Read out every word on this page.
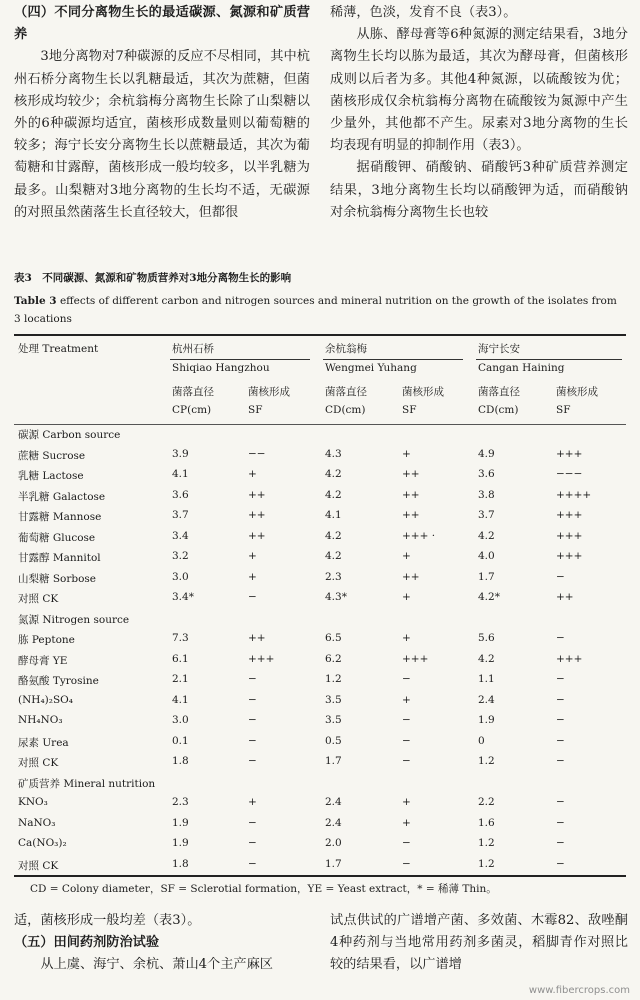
（四）不同分离物生长的最适碳源、氮源和矿质营养

3地分离物对7种碳源的反应不尽相同，其中杭州石桥分离物生长以乳糖最适，其次为蔗糖，但菌核形成均较少；余杭翁梅分离物生长除了山梨糖以外的6种碳源均适宜，菌核形成数量则以葡萄糖的较多；海宁长安分离物生长以蔗糖最适，其次为葡萄糖和甘露醇，菌核形成一般均较多，以半乳糖为最多。山梨糖对3地分离物的生长均不适，无碳源的对照虽然菌落生长直径较大，但都很

稀薄，色淡，发育不良（表3）。

从胨、酵母膏等6种氮源的测定结果看，3地分离物生长均以胨为最适，其次为酵母膏，但菌核形成则以后者为多。其他4种氮源，以硫酸铵为优；菌核形成仅余杭翁梅分离物在硫酸铵为氮源中产生少量外，其他都不产生。尿素对3地分离物的生长均表现有明显的抑制作用（表3）。

据硝酸钾、硝酸钠、硝酸钙3种矿质营养测定结果，3地分离物生长均以硝酸钾为适，而硝酸钠对余杭翁梅分离物生长也较

表3　不同碳源、氮源和矿物质营养对3地分离物生长的影响
Table 3 effects of different carbon and nitrogen sources and mineral nutrition on the growth of the isolates from 3 locations
处理 Treatment	杭州石桥	余杭翁梅	海宁长安
Shiqiao Hangzhou	Wengmei Yuhang	Cangan Haining
菌落直径	菌核形成	菌落直径	菌核形成	菌落直径	菌核形成
CP(cm)	SF	CD(cm)	SF	CD(cm)	SF
碳源 Carbon source
蔗糖 Sucrose	3.9	−−	4.3	+	4.9	+++
乳糖 Lactose	4.1	+	4.2	++	3.6	−−−
半乳糖 Galactose	3.6	++	4.2	++	3.8	++++
甘露糖 Mannose	3.7	++	4.1	++	3.7	+++
葡萄糖 Glucose	3.4	++	4.2	+++ ·	4.2	+++
甘露醇 Mannitol	3.2	+	4.2	+	4.0	+++
山梨糖 Sorbose	3.0	+	2.3	++	1.7	−
对照 CK	3.4*	−	4.3*	+	4.2*	++
氮源 Nitrogen source
胨 Peptone	7.3	++	6.5	+	5.6	−
酵母膏 YE	6.1	+++	6.2	+++	4.2	+++
酪氨酸 Tyrosine	2.1	−	1.2	−	1.1	−
(NH₄)₂SO₄	4.1	−	3.5	+	2.4	−
NH₄NO₃	3.0	−	3.5	−	1.9	−
尿素 Urea	0.1	−	0.5	−	0	−
对照 CK	1.8	−	1.7	−	1.2	−
矿质营养 Mineral nutrition
KNO₃	2.3	+	2.4	+	2.2	−
NaNO₃	1.9	−	2.4	+	1.6	−
Ca(NO₃)₂	1.9	−	2.0	−	1.2	−
对照 CK	1.8	−	1.7	−	1.2	−
CD = Colony diameter，SF = Sclerotial formation，YE = Yeast extract，* = 稀薄 Thin。

适，菌核形成一般均差（表3）。

（五）田间药剂防治试验

从上虞、海宁、余杭、萧山4个主产麻区

试点供试的广谱增产菌、多效菌、木霉82、敌唑酮4种药剂与当地常用药剂多菌灵，稻脚青作对照比较的结果看，以广谱增

www.fibercrops.com
